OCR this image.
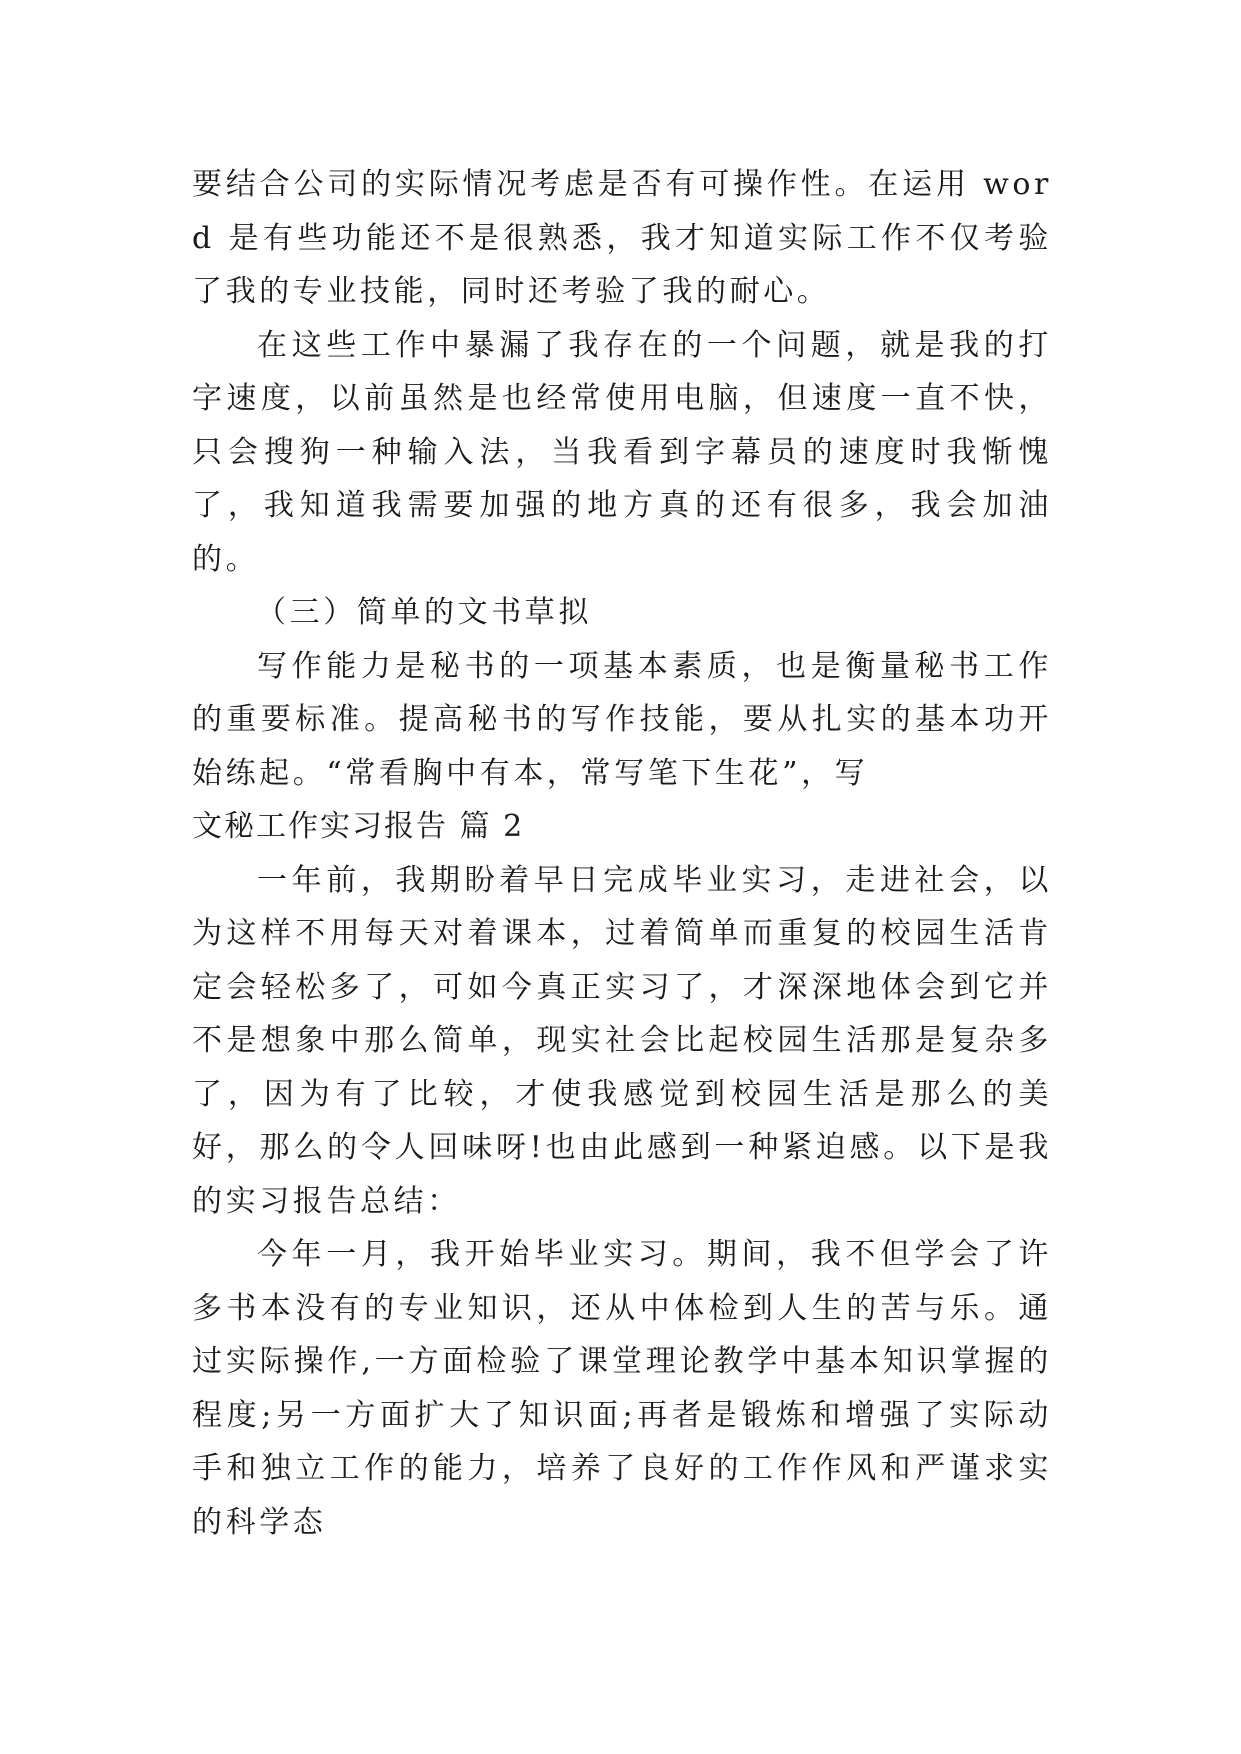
要结合公司的实际情况考虑是否有可操作性。在运用 word 是有些功能还不是很熟悉，我才知道实际工作不仅考验了我的专业技能，同时还考验了我的耐心。

在这些工作中暴漏了我存在的一个问题，就是我的打字速度，以前虽然是也经常使用电脑，但速度一直不快，只会搜狗一种输入法，当我看到字幕员的速度时我惭愧了，我知道我需要加强的地方真的还有很多，我会加油的。

（三）简单的文书草拟

写作能力是秘书的一项基本素质，也是衡量秘书工作的重要标准。提高秘书的写作技能，要从扎实的基本功开始练起。“常看胸中有本，常写笔下生花”，写

文秘工作实习报告 篇 2

一年前，我期盼着早日完成毕业实习，走进社会，以为这样不用每天对着课本，过着简单而重复的校园生活肯定会轻松多了，可如今真正实习了，才深深地体会到它并不是想象中那么简单，现实社会比起校园生活那是复杂多了，因为有了比较，才使我感觉到校园生活是那么的美好，那么的令人回味呀!也由此感到一种紧迫感。以下是我的实习报告总结：

今年一月，我开始毕业实习。期间，我不但学会了许多书本没有的专业知识，还从中体检到人生的苦与乐。通过实际操作,一方面检验了课堂理论教学中基本知识掌握的程度;另一方面扩大了知识面;再者是锻炼和增强了实际动手和独立工作的能力，培养了良好的工作作风和严谨求实的科学态
